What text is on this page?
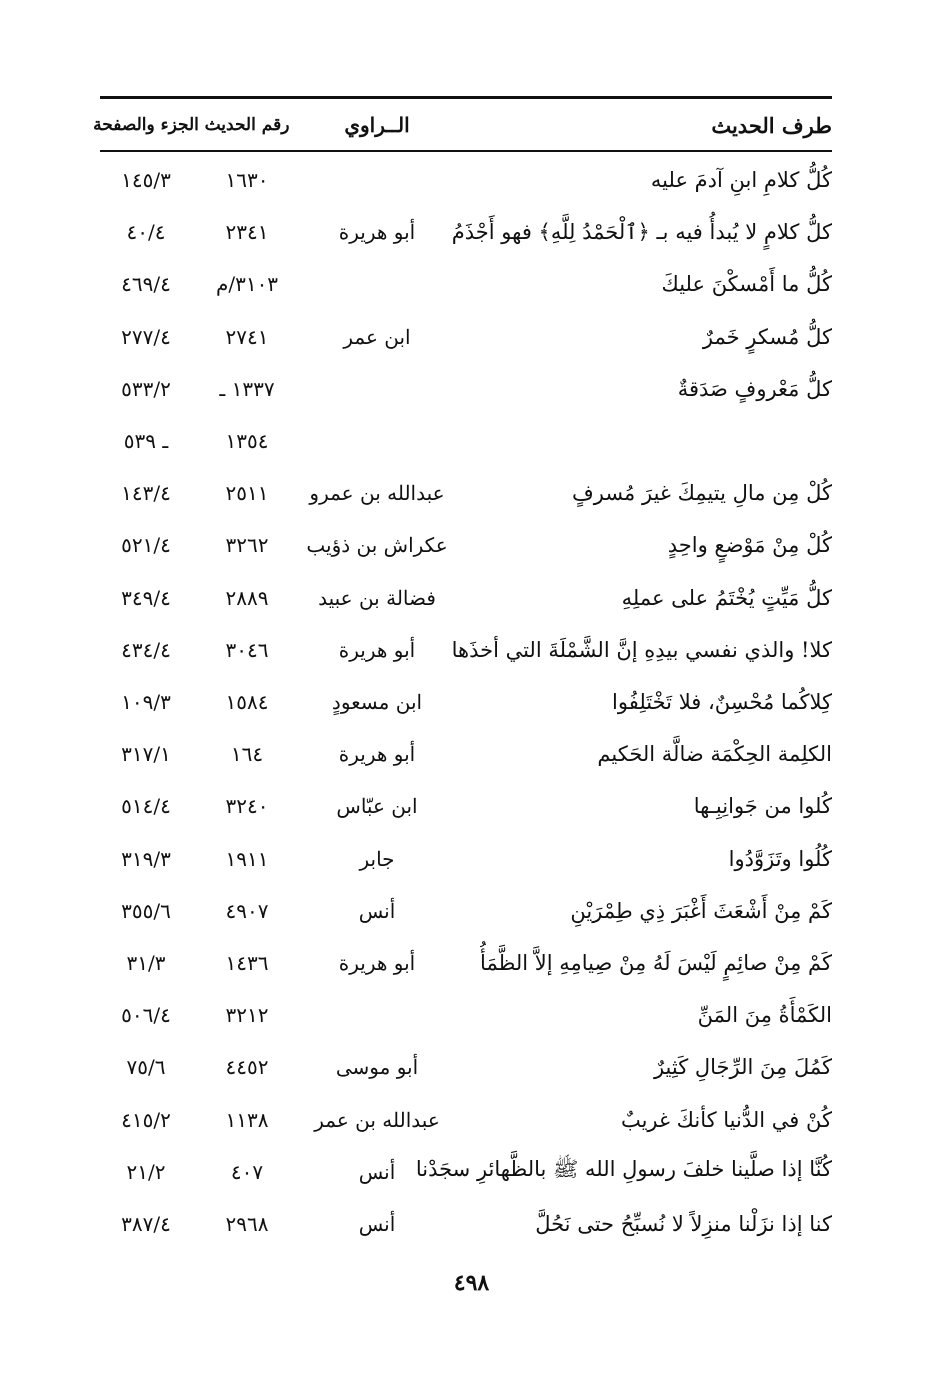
طرف الحديث
الــراوي
رقم الحديث
الجزء والصفحة
كُلُّ كلامِ ابنِ آدمَ عليه
١٦٣٠
١٤٥/٣
كلُّ كلامٍ لا يُبدأُ فيه بـ ﴿ٱلْحَمْدُ لِلَّهِ﴾ فهو أَجْذَمُ
أبو هريرة
٢٣٤١
٤٠/٤
كُلُّ ما أَمْسكْنَ عليكَ
٣١٠٣/م
٤٦٩/٤
كلُّ مُسكرٍ خَمرٌ
ابن عمر
٢٧٤١
٢٧٧/٤
كلُّ مَعْروفٍ صَدَقةٌ
١٣٣٧ ـ
٥٣٣/٢
١٣٥٤
ـ ٥٣٩
كُلْ مِن مالِ يتيمِكَ غيرَ مُسرفٍ
عبدالله بن عمرو
٢٥١١
١٤٣/٤
كُلْ مِنْ مَوْضعٍ واحِدٍ
عكراش بن ذؤيب
٣٢٦٢
٥٢١/٤
كلُّ مَيِّتٍ يُخْتَمُ على عملِهِ
فضالة بن عبيد
٢٨٨٩
٣٤٩/٤
كلا! والذي نفسي بيدِهِ إنَّ الشَّمْلَةَ التي أخذَها
أبو هريرة
٣٠٤٦
٤٣٤/٤
كِلاكُما مُحْسِنٌ، فلا تَخْتَلِفُوا
ابن مسعودٍ
١٥٨٤
١٠٩/٣
الكلِمة الحِكْمَة ضالَّة الحَكيم
أبو هريرة
١٦٤
٣١٧/١
كُلوا من جَوانِبِـها
ابن عبّاس
٣٢٤٠
٥١٤/٤
كُلُوا وتَزَوَّدُوا
جابر
١٩١١
٣١٩/٣
كَمْ مِنْ أَشْعَثَ أَغْبَرَ ذِي طِمْرَيْنِ
أنس
٤٩٠٧
٣٥٥/٦
كَمْ مِنْ صائِمٍ لَيْسَ لَهُ مِنْ صِيامِهِ إلاَّ الظَّمَأُ
أبو هريرة
١٤٣٦
٣١/٣
الكَمْأَةُ مِنَ المَنِّ
٣٢١٢
٥٠٦/٤
كَمُلَ مِنَ الرِّجَالِ كَثِيرٌ
أبو موسى
٤٤٥٢
٧٥/٦
كُنْ في الدُّنيا كأنكَ غريبٌ
عبدالله بن عمر
١١٣٨
٤١٥/٢
كُنَّا إذا صلَّينا خلفَ رسولِ الله ﷺ بالظَّهائرِ سجَدْنا
أنس
٤٠٧
٢١/٢
كنا إذا نزَلْنا منزِلاً لا نُسبِّحُ حتى نَحُلَّ
أنس
٢٩٦٨
٣٨٧/٤
٤٩٨
